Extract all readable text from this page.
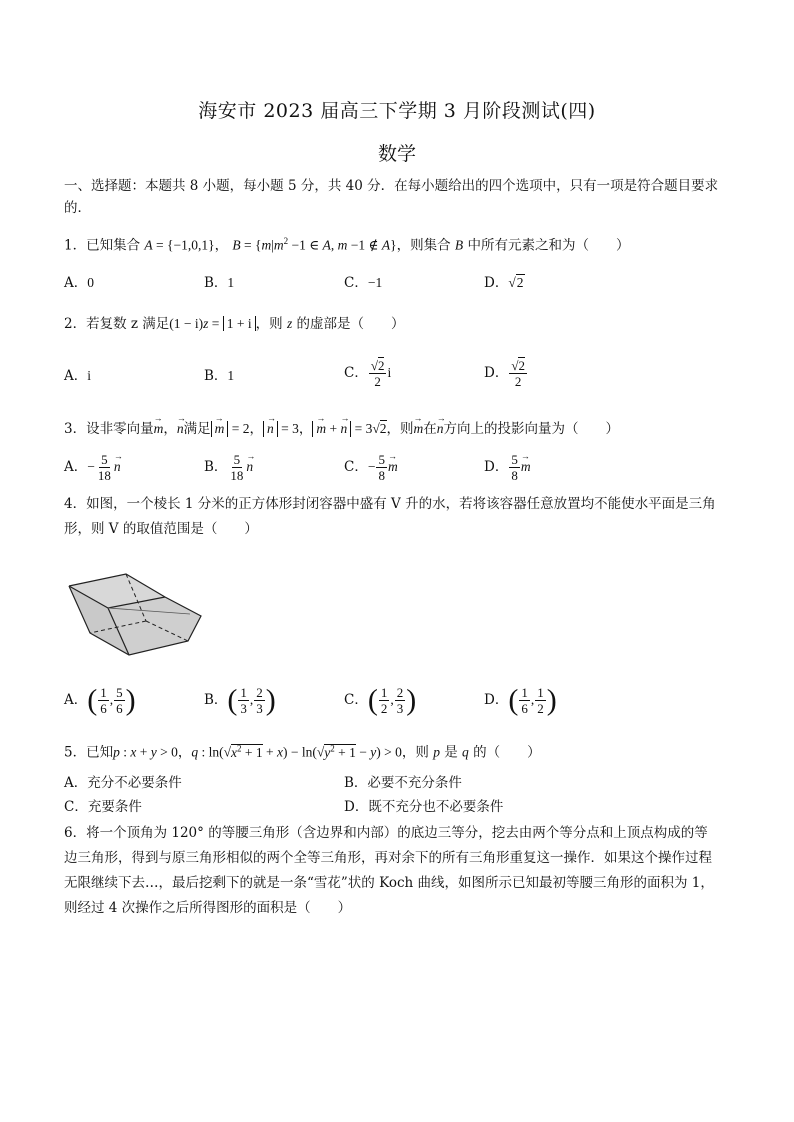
海安市 2023 届高三下学期 3 月阶段测试(四)
数学
一、选择题：本题共 8 小题，每小题 5 分，共 40 分．在每小题给出的四个选项中，只有一项是符合题目要求
的．
1．已知集合 A = {−1,0,1}， $B = \{m|m^2 -1$ ∈ A, m −1 ∉ A}，则集合 B 中所有元素之和为（　　）
A．0	B．1	C．−1	D．√2
2．若复数 z 满足(1 − i)z = 1 + i ，则 z 的虚部是（　　）
A．i	B．1	C． $\frac{√2}{2}$ i	D． $\frac{√2}{2}$
3．设非零向量→ m，→ n满足→ m = 2，→ n = 3，→ m + → n = 3√2，则→ m在→ n方向上的投影向量为（　　）
A．− $\frac{5}{18}$
→ n	B． $\frac{5}{18}$
→ n	C．− $\frac{5}{8}$
→ m	D． $\frac{5}{8}$
→ m
4．如图，一个棱长 1 分米的正方体形封闭容器中盛有 V 升的水，若将该容器任意放置均不能使水平面是三角
形，则 V 的取值范围是（　　）
A．( $\frac{1}{6}$ , $\frac{5}{6}$ )	B．( $\frac{1}{3}$ , $\frac{2}{3}$ )	C．( $\frac{1}{2}$ , $\frac{2}{3}$ )	D．( $\frac{1}{6}$ , $\frac{1}{2}$ )
5．已知p : x + y > 0，q : $\ln(√x^2 + 1 + x) - \ln(√y^2 + 1 - y) > 0$，则 p 是 q 的（　　）
A．充分不必要条件	B．必要不充分条件
C．充要条件	D．既不充分也不必要条件
6．将一个顶角为 120° 的等腰三角形（含边界和内部）的底边三等分，挖去由两个等分点和上顶点构成的等
边三角形，得到与原三角形相似的两个全等三角形，再对余下的所有三角形重复这一操作．如果这个操作过程
无限继续下去…，最后挖剩下的就是一条“雪花”状的 Koch 曲线，如图所示已知最初等腰三角形的面积为 1，
则经过 4 次操作之后所得图形的面积是（　　）
